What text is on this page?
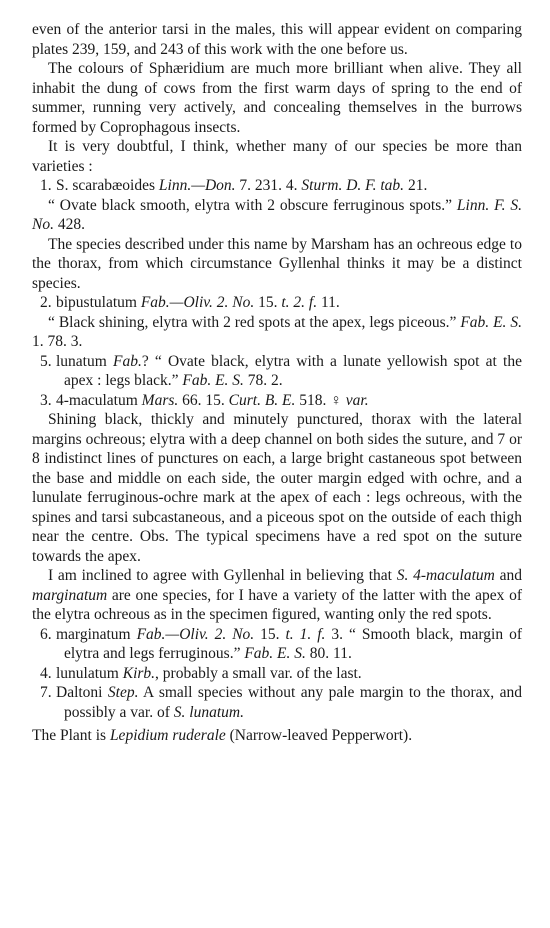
even of the anterior tarsi in the males, this will appear evident on comparing plates 239, 159, and 243 of this work with the one before us.

The colours of Sphæridium are much more brilliant when alive. They all inhabit the dung of cows from the first warm days of spring to the end of summer, running very actively, and concealing themselves in the burrows formed by Coprophagous insects.

It is very doubtful, I think, whether many of our species be more than varieties :

1. S. scarabæoides Linn.—Don. 7. 231. 4. Sturm. D. F. tab. 21.

“ Ovate black smooth, elytra with 2 obscure ferruginous spots.” Linn. F. S. No. 428.

The species described under this name by Marsham has an ochreous edge to the thorax, from which circumstance Gyllenhal thinks it may be a distinct species.

2. bipustulatum Fab.—Oliv. 2. No. 15. t. 2. f. 11.

“ Black shining, elytra with 2 red spots at the apex, legs piceous.” Fab. E. S. 1. 78. 3.

5. lunatum Fab.? “ Ovate black, elytra with a lunate yellowish spot at the apex : legs black.” Fab. E. S. 78. 2.

3. 4-maculatum Mars. 66. 15. Curt. B. E. 518. ♀ var.

Shining black, thickly and minutely punctured, thorax with the lateral margins ochreous; elytra with a deep channel on both sides the suture, and 7 or 8 indistinct lines of punctures on each, a large bright castaneous spot between the base and middle on each side, the outer margin edged with ochre, and a lunulate ferruginous-ochre mark at the apex of each : legs ochreous, with the spines and tarsi subcastaneous, and a piceous spot on the outside of each thigh near the centre. Obs. The typical specimens have a red spot on the suture towards the apex.

I am inclined to agree with Gyllenhal in believing that S. 4-maculatum and marginatum are one species, for I have a variety of the latter with the apex of the elytra ochreous as in the specimen figured, wanting only the red spots.

6. marginatum Fab.—Oliv. 2. No. 15. t. 1. f. 3. “ Smooth black, margin of elytra and legs ferruginous.” Fab. E. S. 80. 11.

4. lunulatum Kirb., probably a small var. of the last.

7. Daltoni Step. A small species without any pale margin to the thorax, and possibly a var. of S. lunatum.

The Plant is Lepidium ruderale (Narrow-leaved Pepperwort).
